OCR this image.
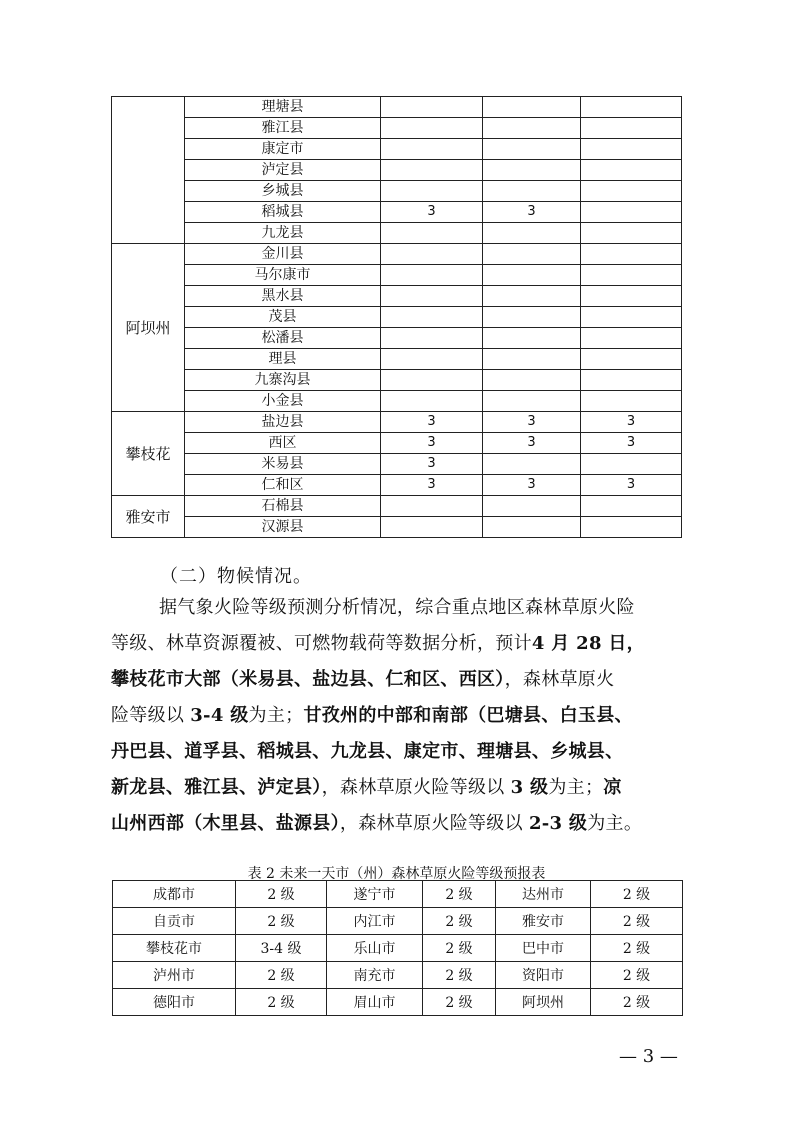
	理塘县			
	雅江县			
	康定市			
	泸定县			
	乡城县			
	稻城县	3	3	
	九龙县			
阿坝州	金川县			
	马尔康市			
	黑水县			
	茂县			
	松潘县			
	理县			
	九寨沟县			
	小金县			
攀枝花	盐边县	3	3	3
	西区	3	3	3
	米易县	3		
	仁和区	3	3	3
雅安市	石棉县			
	汉源县			
（二）物候情况。
据气象火险等级预测分析情况，综合重点地区森林草原火险
等级、林草资源覆被、可燃物载荷等数据分析，预计4 月 28 日，
攀枝花市大部（米易县、盐边县、仁和区、西区），森林草原火
险等级以 3-4 级为主；甘孜州的中部和南部（巴塘县、白玉县、
丹巴县、道孚县、稻城县、九龙县、康定市、理塘县、乡城县、
新龙县、雅江县、泸定县），森林草原火险等级以 3 级为主；凉
山州西部（木里县、盐源县），森林草原火险等级以 2-3 级为主。
表 2 未来一天市（州）森林草原火险等级预报表
成都市	2 级	遂宁市	2 级	达州市	2 级
自贡市	2 级	内江市	2 级	雅安市	2 级
攀枝花市	3-4 级	乐山市	2 级	巴中市	2 级
泸州市	2 级	南充市	2 级	资阳市	2 级
德阳市	2 级	眉山市	2 级	阿坝州	2 级
— 3 —
